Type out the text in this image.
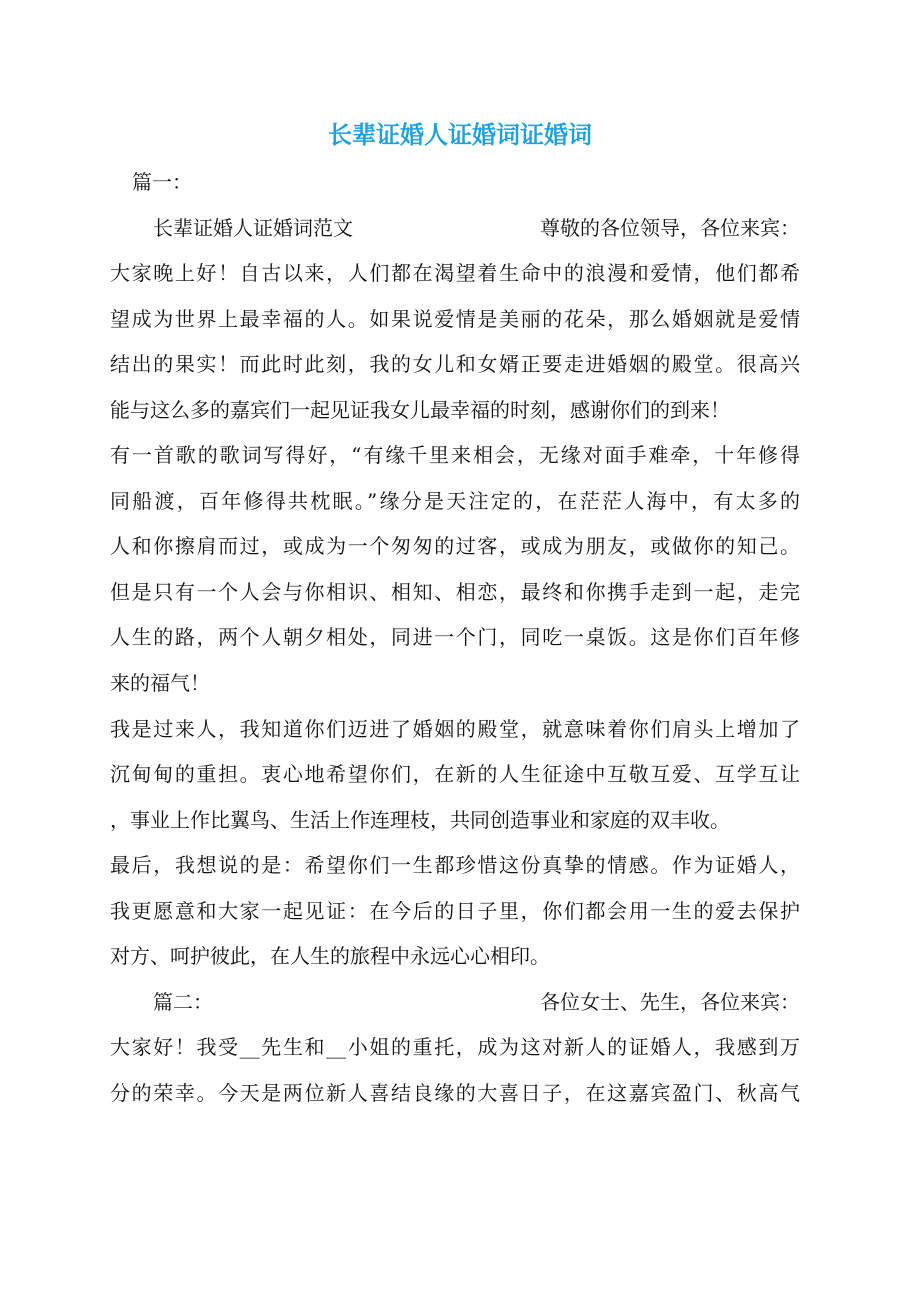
长辈证婚人证婚词证婚词
篇一：
长辈证婚人证婚词范文	尊敬的各位领导，各位来宾：
大家晚上好！自古以来，人们都在渴望着生命中的浪漫和爱情，他们都希
望成为世界上最幸福的人。如果说爱情是美丽的花朵，那么婚姻就是爱情
结出的果实！而此时此刻，我的女儿和女婿正要走进婚姻的殿堂。很高兴
能与这么多的嘉宾们一起见证我女儿最幸福的时刻，感谢你们的到来！
有一首歌的歌词写得好，“有缘千里来相会，无缘对面手难牵，十年修得
同船渡，百年修得共枕眠。”缘分是天注定的，在茫茫人海中，有太多的
人和你擦肩而过，或成为一个匆匆的过客，或成为朋友，或做你的知己。
但是只有一个人会与你相识、相知、相恋，最终和你携手走到一起，走完
人生的路，两个人朝夕相处，同进一个门，同吃一桌饭。这是你们百年修
来的福气！
我是过来人，我知道你们迈进了婚姻的殿堂，就意味着你们肩头上增加了
沉甸甸的重担。衷心地希望你们，在新的人生征途中互敬互爱、互学互让
，事业上作比翼鸟、生活上作连理枝，共同创造事业和家庭的双丰收。
最后，我想说的是：希望你们一生都珍惜这份真挚的情感。作为证婚人，
我更愿意和大家一起见证：在今后的日子里，你们都会用一生的爱去保护
对方、呵护彼此，在人生的旅程中永远心心相印。
篇二：	各位女士、先生，各位来宾：
大家好！我受__先生和__小姐的重托，成为这对新人的证婚人，我感到万
分的荣幸。今天是两位新人喜结良缘的大喜日子，在这嘉宾盈门、秋高气
